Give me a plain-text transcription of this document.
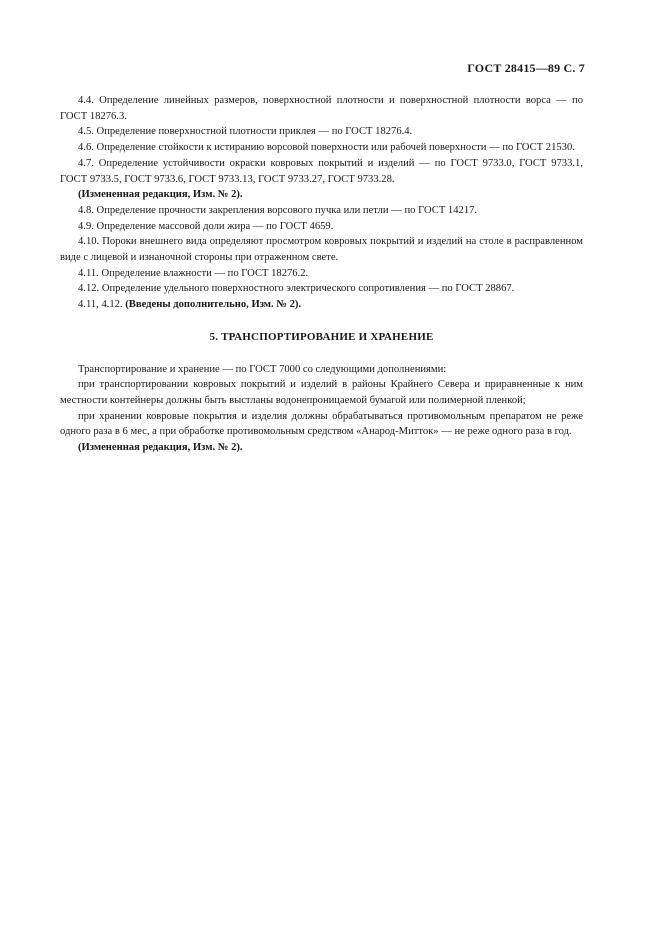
ГОСТ 28415—89 С. 7

4.4. Определение линейных размеров, поверхностной плотности и поверхностной плотности ворса — по ГОСТ 18276.3.

4.5. Определение поверхностной плотности приклея — по ГОСТ 18276.4.

4.6. Определение стойкости к истиранию ворсовой поверхности или рабочей поверхности — по ГОСТ 21530.

4.7. Определение устойчивости окраски ковровых покрытий и изделий — по ГОСТ 9733.0, ГОСТ 9733.1, ГОСТ 9733.5, ГОСТ 9733.6, ГОСТ 9733.13, ГОСТ 9733.27, ГОСТ 9733.28.

(Измененная редакция, Изм. № 2).

4.8. Определение прочности закрепления ворсового пучка или петли — по ГОСТ 14217.

4.9. Определение массовой доли жира — по ГОСТ 4659.

4.10. Пороки внешнего вида определяют просмотром ковровых покрытий и изделий на столе в расправленном виде с лицевой и изнаночной стороны при отраженном свете.

4.11. Определение влажности — по ГОСТ 18276.2.

4.12. Определение удельного поверхностного электрического сопротивления — по ГОСТ 28867.

4.11, 4.12. (Введены дополнительно, Изм. № 2).

5. ТРАНСПОРТИРОВАНИЕ И ХРАНЕНИЕ

Транспортирование и хранение — по ГОСТ 7000 со следующими дополнениями:

при транспортировании ковровых покрытий и изделий в районы Крайнего Севера и приравненные к ним местности контейнеры должны быть выстланы водонепроницаемой бумагой или полимерной пленкой;

при хранении ковровые покрытия и изделия должны обрабатываться противомольным препаратом не реже одного раза в 6 мес, а при обработке противомольным средством «Анарод-Митток» — не реже одного раза в год.

(Измененная редакция, Изм. № 2).
